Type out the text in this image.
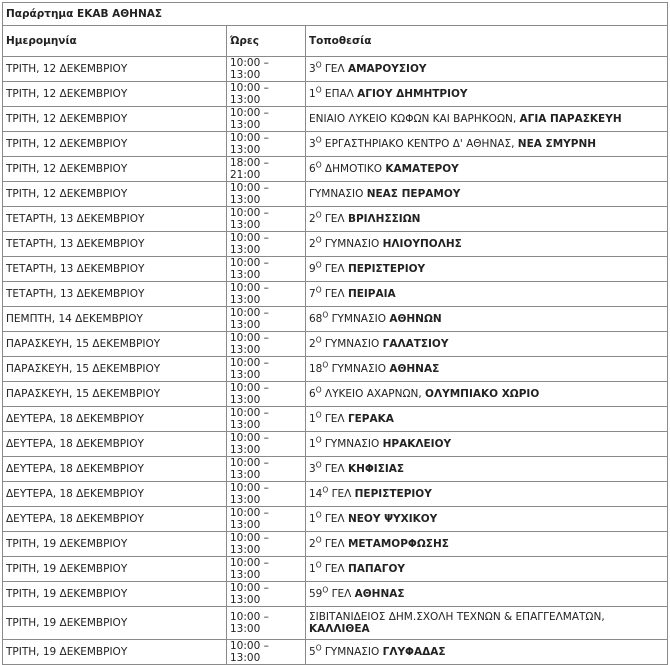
Παράρτημα ΕΚΑΒ ΑΘΗΝΑΣ		
Ημερομηνία	Ώρες	Τοποθεσία
ΤΡΙΤΗ, 12 ΔΕΚΕΜΒΡΙΟΥ	10:00 – 13:00	$3^O$ ΓΕΛ ΑΜΑΡΟΥΣΙΟΥ
ΤΡΙΤΗ, 12 ΔΕΚΕΜΒΡΙΟΥ	10:00 – 13:00	$1^O$ ΕΠΑΛ ΑΓΙΟΥ ΔΗΜΗΤΡΙΟΥ
ΤΡΙΤΗ, 12 ΔΕΚΕΜΒΡΙΟΥ	10:00 – 13:00	ΕΝΙΑΙΟ ΛΥΚΕΙΟ ΚΩΦΩΝ ΚΑΙ ΒΑΡΗΚΟΩΝ, ΑΓΙΑ ΠΑΡΑΣΚΕΥΗ
ΤΡΙΤΗ, 12 ΔΕΚΕΜΒΡΙΟΥ	10:00 – 13:00	$3^O$ ΕΡΓΑΣΤΗΡΙΑΚΟ ΚΕΝΤΡΟ Δ' ΑΘΗΝΑΣ, ΝΕΑ ΣΜΥΡΝΗ
ΤΡΙΤΗ, 12 ΔΕΚΕΜΒΡΙΟΥ	18:00 – 21:00	$6^O$ ΔΗΜΟΤΙΚΟ ΚΑΜΑΤΕΡΟΥ
ΤΡΙΤΗ, 12 ΔΕΚΕΜΒΡΙΟΥ	10:00 – 13:00	ΓΥΜΝΑΣΙΟ ΝΕΑΣ ΠΕΡΑΜΟΥ
ΤΕΤΑΡΤΗ, 13 ΔΕΚΕΜΒΡΙΟΥ	10:00 – 13:00	$2^O$ ΓΕΛ ΒΡΙΛΗΣΣΙΩΝ
ΤΕΤΑΡΤΗ, 13 ΔΕΚΕΜΒΡΙΟΥ	10:00 – 13:00	$2^O$ ΓΥΜΝΑΣΙΟ ΗΛΙΟΥΠΟΛΗΣ
ΤΕΤΑΡΤΗ, 13 ΔΕΚΕΜΒΡΙΟΥ	10:00 – 13:00	$9^O$ ΓΕΛ ΠΕΡΙΣΤΕΡΙΟΥ
ΤΕΤΑΡΤΗ, 13 ΔΕΚΕΜΒΡΙΟΥ	10:00 – 13:00	$7^O$ ΓΕΛ ΠΕΙΡΑΙΑ
ΠΕΜΠΤΗ, 14 ΔΕΚΕΜΒΡΙΟΥ	10:00 – 13:00	$68^O$ ΓΥΜΝΑΣΙΟ ΑΘΗΝΩΝ
ΠΑΡΑΣΚΕΥΗ, 15 ΔΕΚΕΜΒΡΙΟΥ	10:00 – 13:00	$2^O$ ΓΥΜΝΑΣΙΟ ΓΑΛΑΤΣΙΟΥ
ΠΑΡΑΣΚΕΥΗ, 15 ΔΕΚΕΜΒΡΙΟΥ	10:00 – 13:00	$18^O$ ΓΥΜΝΑΣΙΟ ΑΘΗΝΑΣ
ΠΑΡΑΣΚΕΥΗ, 15 ΔΕΚΕΜΒΡΙΟΥ	10:00 – 13:00	$6^O$ ΛΥΚΕΙΟ ΑΧΑΡΝΩΝ, ΟΛΥΜΠΙΑΚΟ ΧΩΡΙΟ
ΔΕΥΤΕΡΑ, 18 ΔΕΚΕΜΒΡΙΟΥ	10:00 – 13:00	$1^O$ ΓΕΛ ΓΕΡΑΚΑ
ΔΕΥΤΕΡΑ, 18 ΔΕΚΕΜΒΡΙΟΥ	10:00 – 13:00	$1^O$ ΓΥΜΝΑΣΙΟ ΗΡΑΚΛΕΙΟΥ
ΔΕΥΤΕΡΑ, 18 ΔΕΚΕΜΒΡΙΟΥ	10:00 – 13:00	$3^O$ ΓΕΛ ΚΗΦΙΣΙΑΣ
ΔΕΥΤΕΡΑ, 18 ΔΕΚΕΜΒΡΙΟΥ	10:00 – 13:00	$14^O$ ΓΕΛ ΠΕΡΙΣΤΕΡΙΟΥ
ΔΕΥΤΕΡΑ, 18 ΔΕΚΕΜΒΡΙΟΥ	10:00 – 13:00	$1^O$ ΓΕΛ ΝΕΟΥ ΨΥΧΙΚΟΥ
ΤΡΙΤΗ, 19 ΔΕΚΕΜΒΡΙΟΥ	10:00 – 13:00	$2^O$ ΓΕΛ ΜΕΤΑΜΟΡΦΩΣΗΣ
ΤΡΙΤΗ, 19 ΔΕΚΕΜΒΡΙΟΥ	10:00 – 13:00	$1^O$ ΓΕΛ ΠΑΠΑΓΟΥ
ΤΡΙΤΗ, 19 ΔΕΚΕΜΒΡΙΟΥ	10:00 – 13:00	$59^O$ ΓΕΛ ΑΘΗΝΑΣ
ΤΡΙΤΗ, 19 ΔΕΚΕΜΒΡΙΟΥ	10:00 – 13:00	ΣΙΒΙΤΑΝΙΔΕΙΟΣ ΔΗΜ.ΣΧΟΛΗ ΤΕΧΝΩΝ & ΕΠΑΓΓΕΛΜΑΤΩΝ, ΚΑΛΛΙΘΕΑ
ΤΡΙΤΗ, 19 ΔΕΚΕΜΒΡΙΟΥ	10:00 – 13:00	$5^O$ ΓΥΜΝΑΣΙΟ ΓΛΥΦΑΔΑΣ
